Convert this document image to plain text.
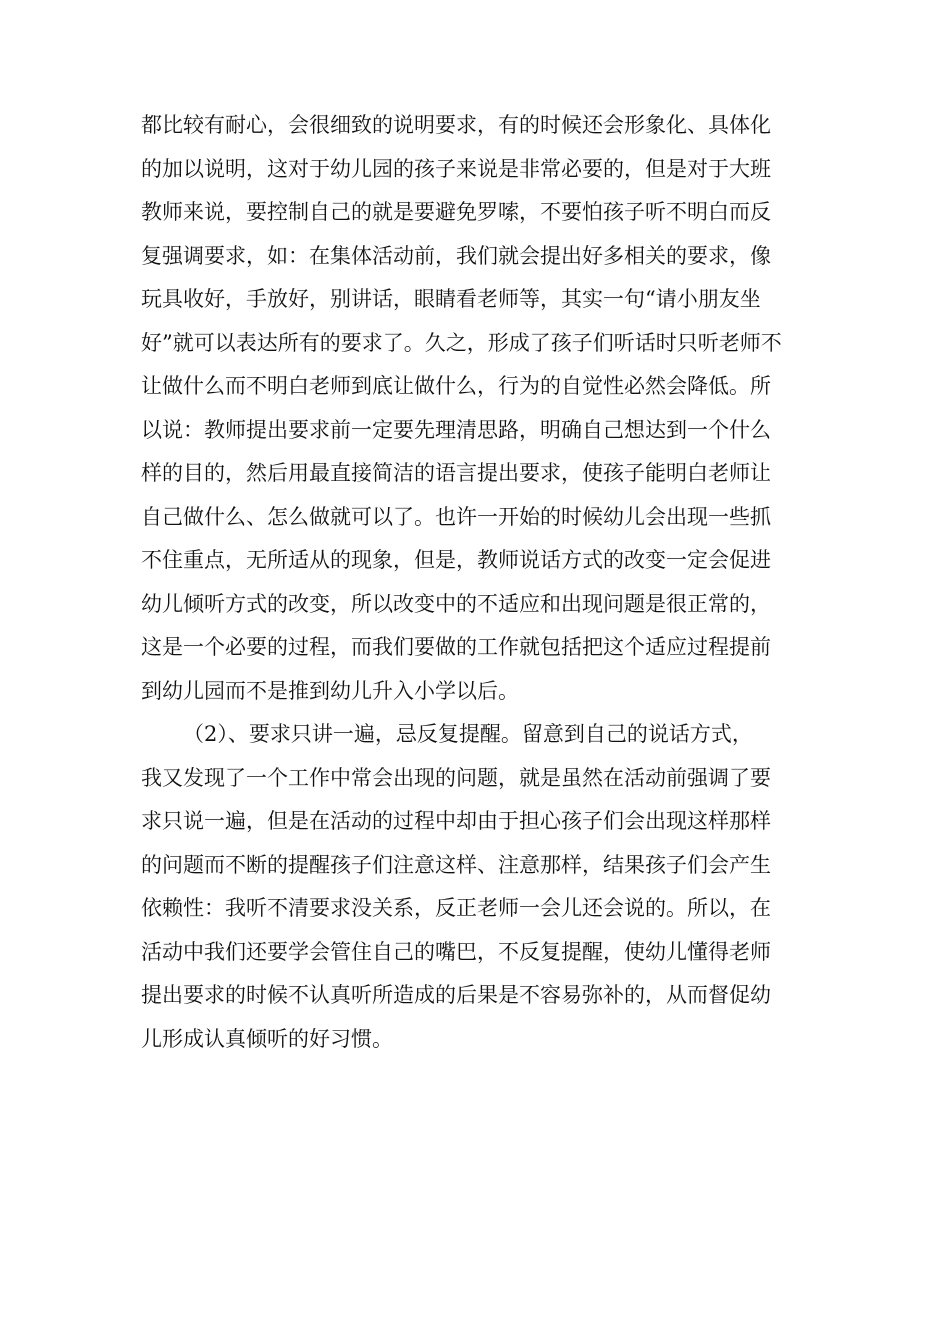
都比较有耐心，会很细致的说明要求，有的时候还会形象化、具体化
的加以说明，这对于幼儿园的孩子来说是非常必要的，但是对于大班
教师来说，要控制自己的就是要避免罗嗦，不要怕孩子听不明白而反
复强调要求，如：在集体活动前，我们就会提出好多相关的要求，像
玩具收好，手放好，别讲话，眼睛看老师等，其实一句“请小朋友坐
好”就可以表达所有的要求了。久之，形成了孩子们听话时只听老师不
让做什么而不明白老师到底让做什么，行为的自觉性必然会降低。所
以说：教师提出要求前一定要先理清思路，明确自己想达到一个什么
样的目的，然后用最直接简洁的语言提出要求，使孩子能明白老师让
自己做什么、怎么做就可以了。也许一开始的时候幼儿会出现一些抓
不住重点，无所适从的现象，但是，教师说话方式的改变一定会促进
幼儿倾听方式的改变，所以改变中的不适应和出现问题是很正常的，
这是一个必要的过程，而我们要做的工作就包括把这个适应过程提前
到幼儿园而不是推到幼儿升入小学以后。
（2）、要求只讲一遍，忌反复提醒。留意到自己的说话方式，
我又发现了一个工作中常会出现的问题，就是虽然在活动前强调了要
求只说一遍，但是在活动的过程中却由于担心孩子们会出现这样那样
的问题而不断的提醒孩子们注意这样、注意那样，结果孩子们会产生
依赖性：我听不清要求没关系，反正老师一会儿还会说的。所以，在
活动中我们还要学会管住自己的嘴巴，不反复提醒，使幼儿懂得老师
提出要求的时候不认真听所造成的后果是不容易弥补的，从而督促幼
儿形成认真倾听的好习惯。
